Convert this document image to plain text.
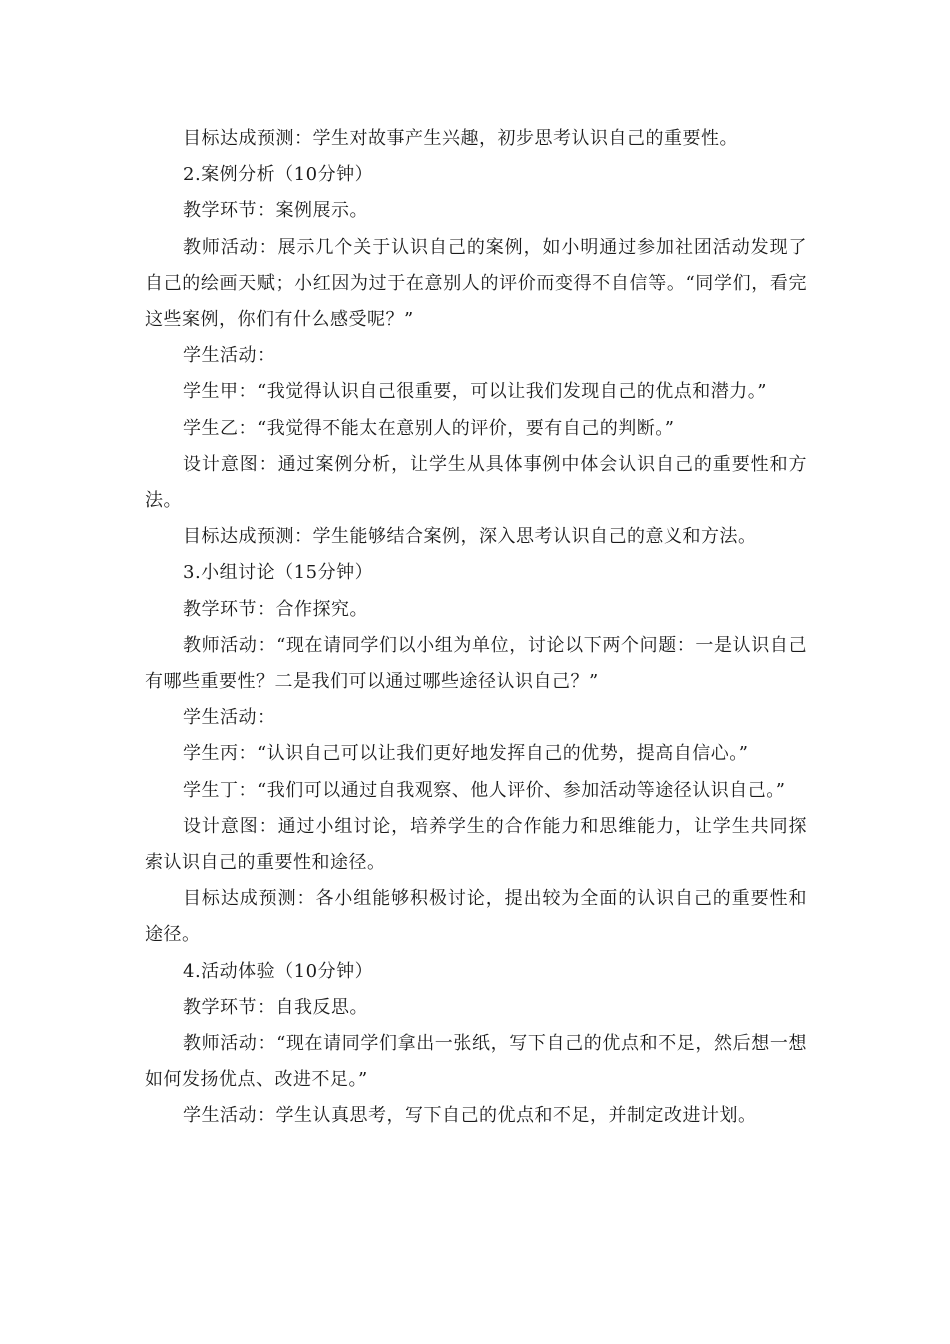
目标达成预测：学生对故事产生兴趣，初步思考认识自己的重要性。

2.案例分析（10分钟）

教学环节：案例展示。

教师活动：展示几个关于认识自己的案例，如小明通过参加社团活动发现了自己的绘画天赋；小红因为过于在意别人的评价而变得不自信等。“同学们，看完这些案例，你们有什么感受呢？”

学生活动：

学生甲：“我觉得认识自己很重要，可以让我们发现自己的优点和潜力。”

学生乙：“我觉得不能太在意别人的评价，要有自己的判断。”

设计意图：通过案例分析，让学生从具体事例中体会认识自己的重要性和方法。

目标达成预测：学生能够结合案例，深入思考认识自己的意义和方法。

3.小组讨论（15分钟）

教学环节：合作探究。

教师活动：“现在请同学们以小组为单位，讨论以下两个问题：一是认识自己有哪些重要性？二是我们可以通过哪些途径认识自己？”

学生活动：

学生丙：“认识自己可以让我们更好地发挥自己的优势，提高自信心。”

学生丁：“我们可以通过自我观察、他人评价、参加活动等途径认识自己。”

设计意图：通过小组讨论，培养学生的合作能力和思维能力，让学生共同探索认识自己的重要性和途径。

目标达成预测：各小组能够积极讨论，提出较为全面的认识自己的重要性和途径。

4.活动体验（10分钟）

教学环节：自我反思。

教师活动：“现在请同学们拿出一张纸，写下自己的优点和不足，然后想一想如何发扬优点、改进不足。”

学生活动：学生认真思考，写下自己的优点和不足，并制定改进计划。
